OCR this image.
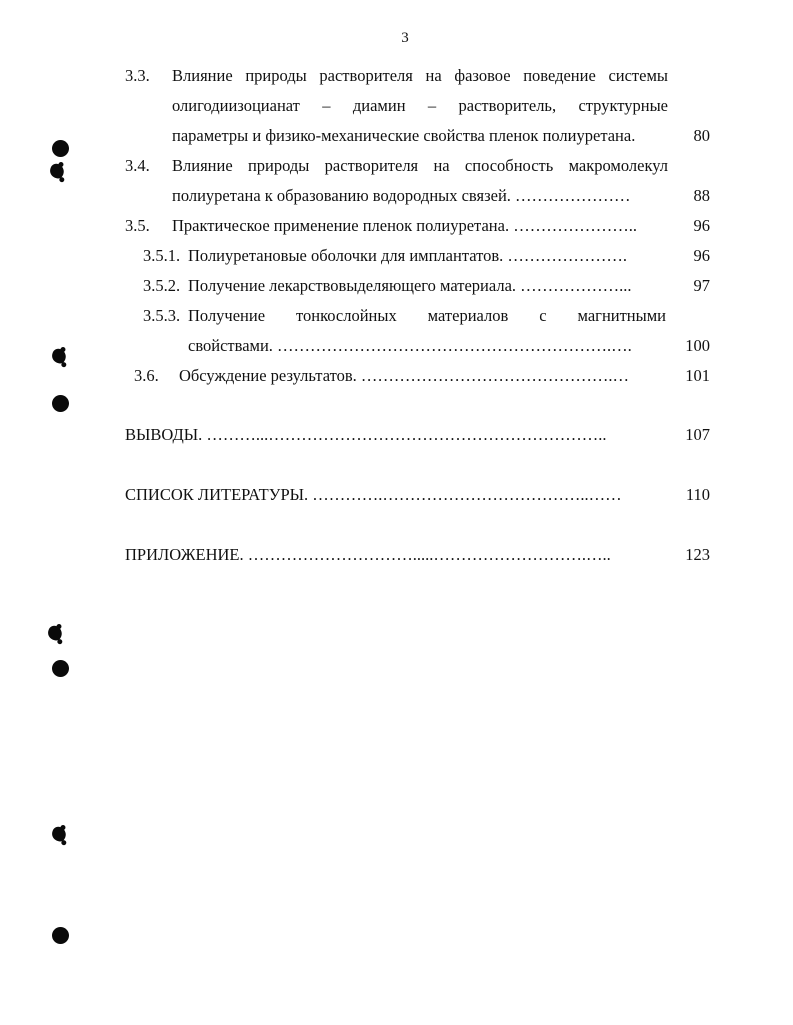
3
3.3. Влияние природы растворителя на фазовое поведение системы
олигодиизоцианат – диамин – растворитель, структурные
параметры и физико-механические свойства пленок полиуретана.	80
3.4. Влияние природы растворителя на способность макромолекул
полиуретана к образованию водородных связей. …………………	88
3.5. Практическое применение пленок полиуретана. …………………..	96
3.5.1. Полиуретановые оболочки для имплантатов. ………………….	96
3.5.2. Получение лекарствовыделяющего материала. ………………...	97
3.5.3. Получение тонкослойных материалов с магнитными
свойствами. …………………………………………………….….	100
3.6. Обсуждение результатов. ……………………………………….…	101
ВЫВОДЫ. ………...……………………………………………………..	107
СПИСОК ЛИТЕРАТУРЫ. ………….………………………………..……	110
ПРИЛОЖЕНИЕ. ………………………….....……………………….…..	123
